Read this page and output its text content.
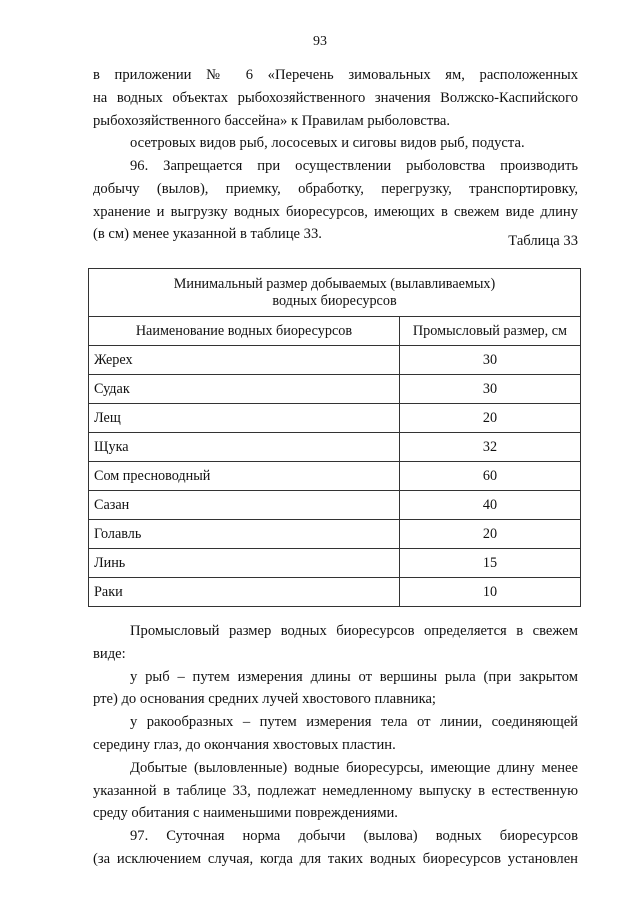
93
в приложении № 6 «Перечень зимовальных ям, расположенных
на водных объектах рыбохозяйственного значения Волжско-Каспийского
рыбохозяйственного бассейна» к Правилам рыболовства.
осетровых видов рыб, лососевых и сиговы видов рыб, подуста.
96. Запрещается при осуществлении рыболовства производить
добычу (вылов), приемку, обработку, перегрузку, транспортировку,
хранение и выгрузку водных биоресурсов, имеющих в свежем виде длину
(в см) менее указанной в таблице 33.	Таблица 33
Минимальный размер добываемых (вылавливаемых)
водных биоресурсов	
Наименование водных биоресурсов	Промысловый размер, см
Жерех	30
Судак	30
Лещ	20
Щука	32
Сом пресноводный	60
Сазан	40
Голавль	20
Линь	15
Раки	10
Промысловый размер водных биоресурсов определяется в свежем
виде:
у рыб – путем измерения длины от вершины рыла (при закрытом
рте) до основания средних лучей хвостового плавника;
у ракообразных – путем измерения тела от линии, соединяющей
середину глаз, до окончания хвостовых пластин.
Добытые (выловленные) водные биоресурсы, имеющие длину менее
указанной в таблице 33, подлежат немедленному выпуску в естественную
среду обитания с наименьшими повреждениями.
97. Суточная норма добычи (вылова) водных биоресурсов
(за исключением случая, когда для таких водных биоресурсов установлен
